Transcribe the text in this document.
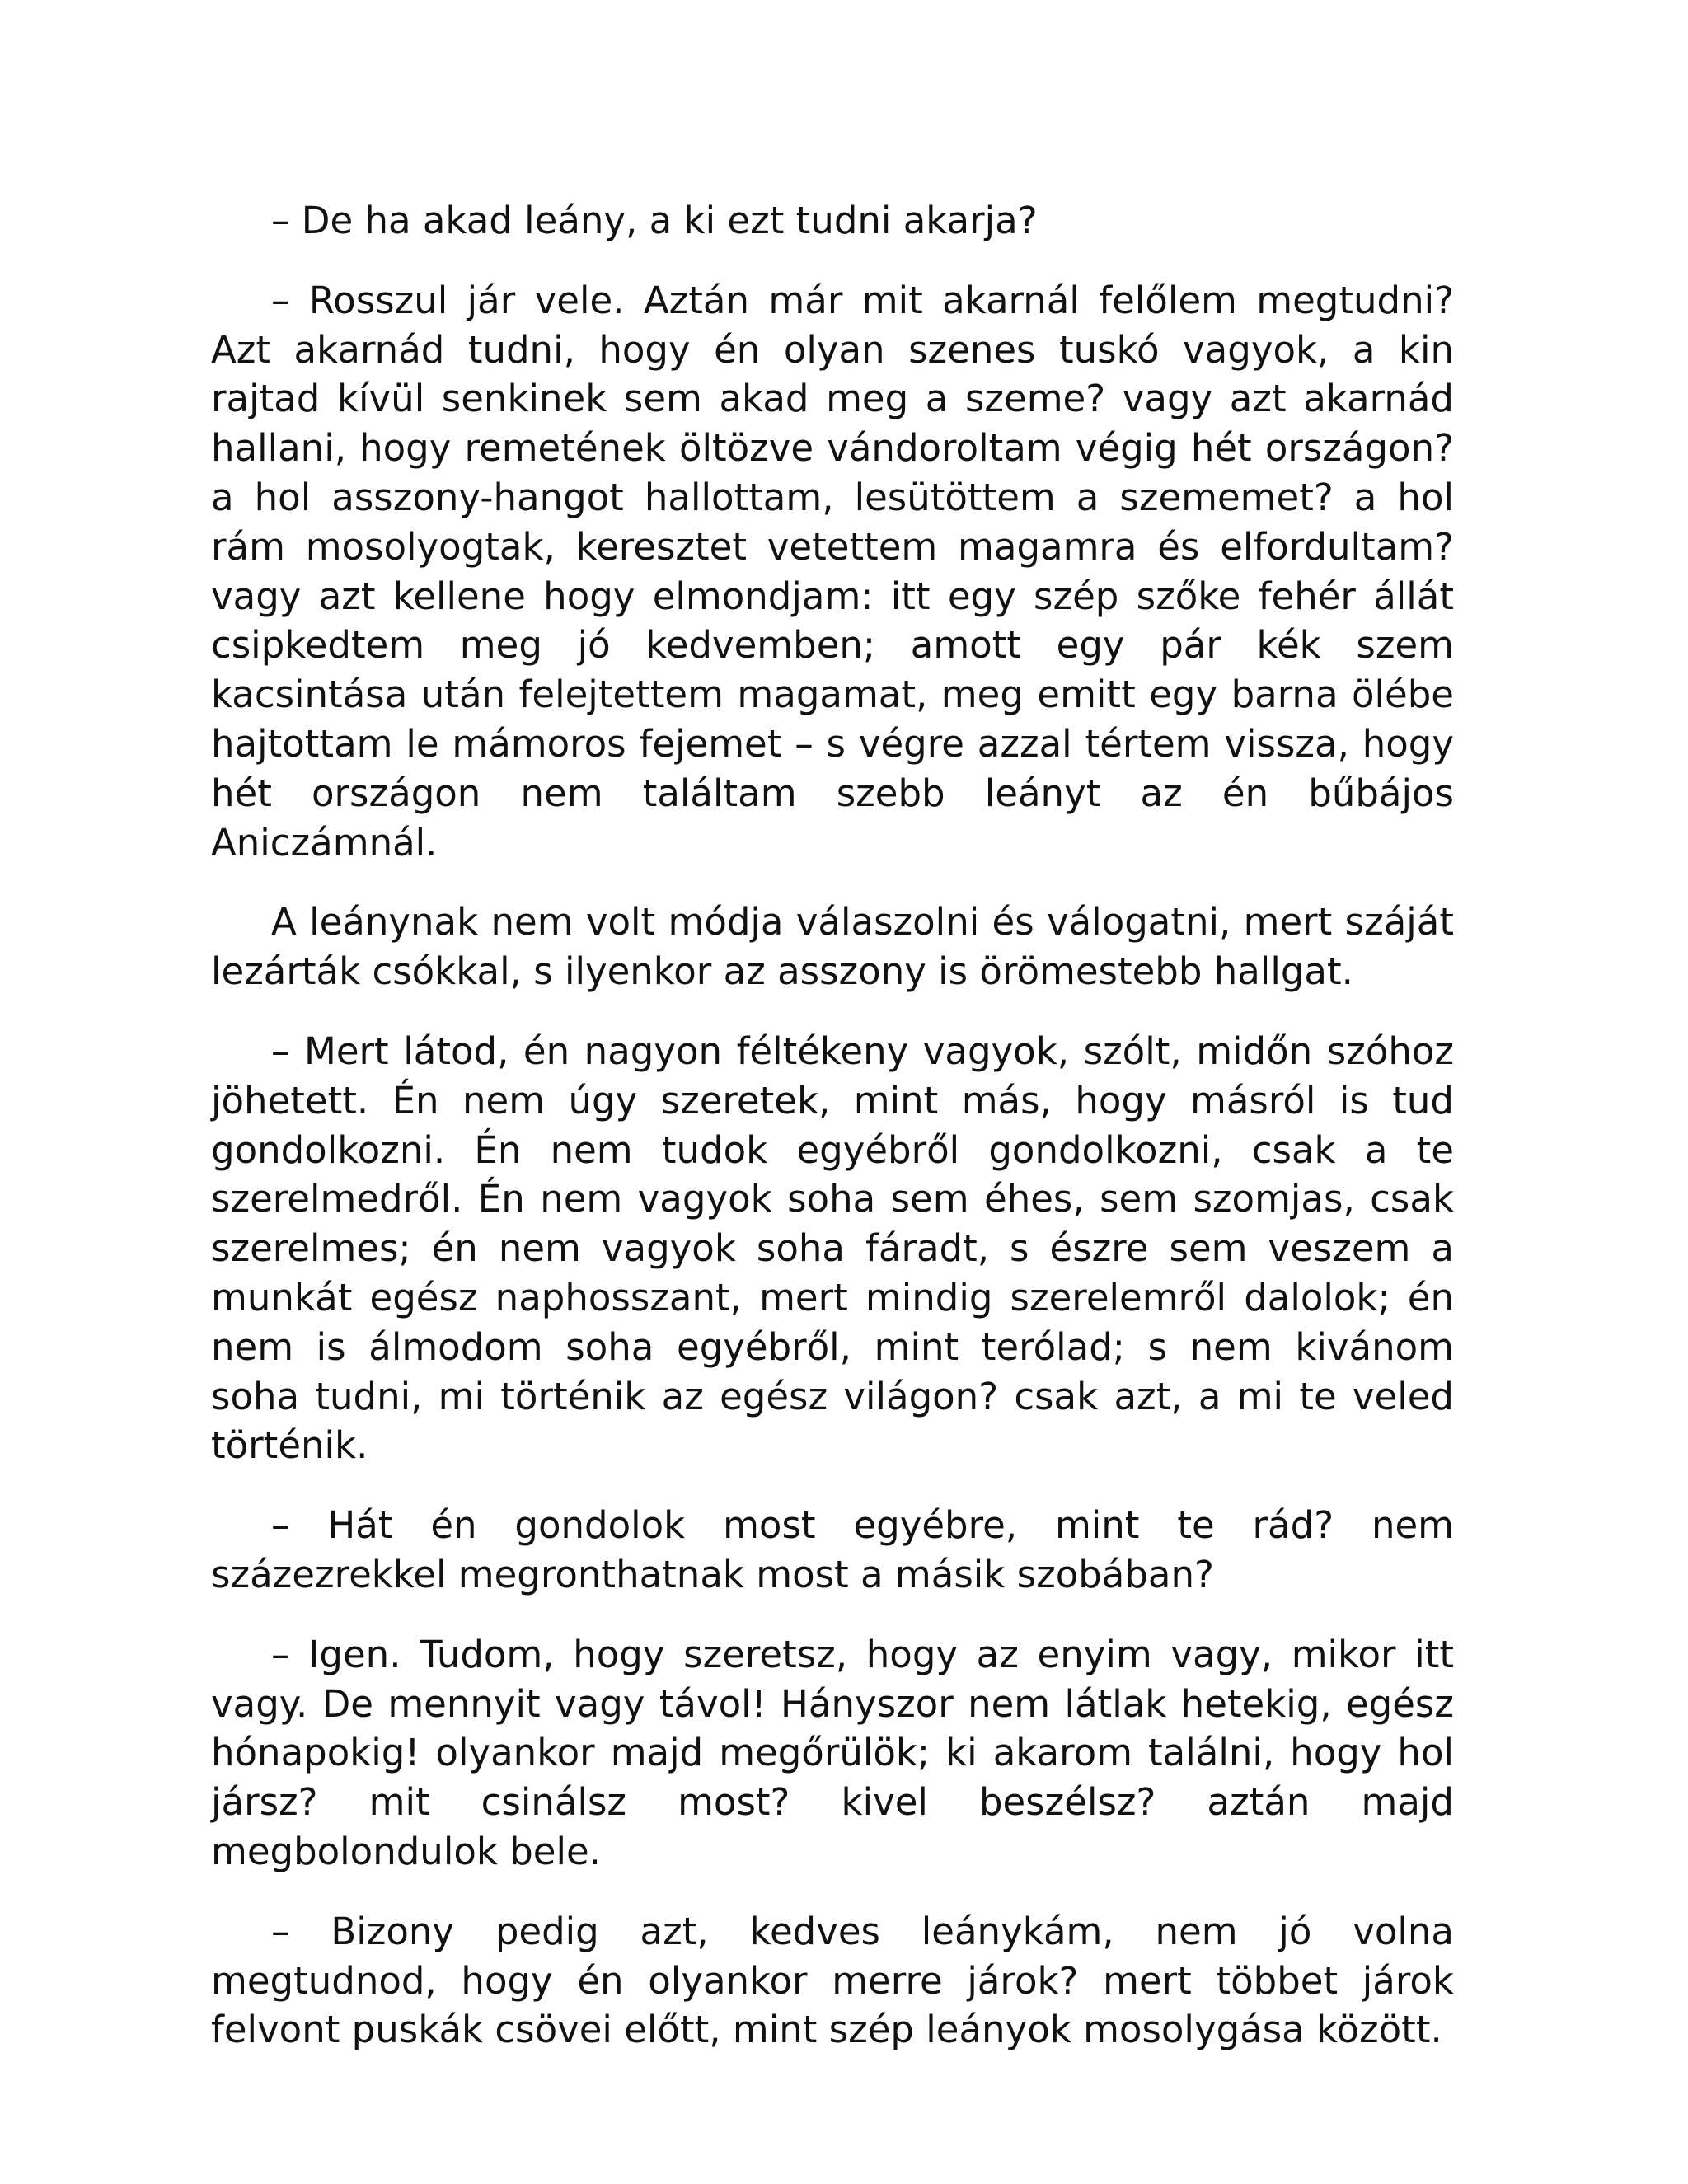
– De ha akad leány, a ki ezt tudni akarja?

– Rosszul jár vele. Aztán már mit akarnál felőlem megtudni? Azt akarnád tudni, hogy én olyan szenes tuskó vagyok, a kin rajtad kívül senkinek sem akad meg a szeme? vagy azt akarnád hallani, hogy remetének öltözve vándoroltam végig hét országon? a hol asszony-hangot hallottam, lesütöttem a szememet? a hol rám mosolyogtak, keresztet vetettem magamra és elfordultam? vagy azt kellene hogy elmondjam: itt egy szép szőke fehér állát csipkedtem meg jó kedvemben; amott egy pár kék szem kacsintása után felejtettem magamat, meg emitt egy barna ölébe hajtottam le mámoros fejemet – s végre azzal tértem vissza, hogy hét országon nem találtam szebb leányt az én bűbájos Aniczámnál.

A leánynak nem volt módja válaszolni és válogatni, mert száját lezárták csókkal, s ilyenkor az asszony is örömestebb hallgat.

– Mert látod, én nagyon féltékeny vagyok, szólt, midőn szóhoz jöhetett. Én nem úgy szeretek, mint más, hogy másról is tud gondolkozni. Én nem tudok egyébről gondolkozni, csak a te szerelmedről. Én nem vagyok soha sem éhes, sem szomjas, csak szerelmes; én nem vagyok soha fáradt, s észre sem veszem a munkát egész naphosszant, mert mindig szerelemről dalolok; én nem is álmodom soha egyébről, mint terólad; s nem kivánom soha tudni, mi történik az egész világon? csak azt, a mi te veled történik.

– Hát én gondolok most egyébre, mint te rád? nem százezrekkel megronthatnak most a másik szobában?

– Igen. Tudom, hogy szeretsz, hogy az enyim vagy, mikor itt vagy. De mennyit vagy távol! Hányszor nem látlak hetekig, egész hónapokig! olyankor majd megőrülök; ki akarom találni, hogy hol jársz? mit csinálsz most? kivel beszélsz? aztán majd megbolondulok bele.

– Bizony pedig azt, kedves leánykám, nem jó volna megtudnod, hogy én olyankor merre járok? mert többet járok felvont puskák csövei előtt, mint szép leányok mosolygása között.
